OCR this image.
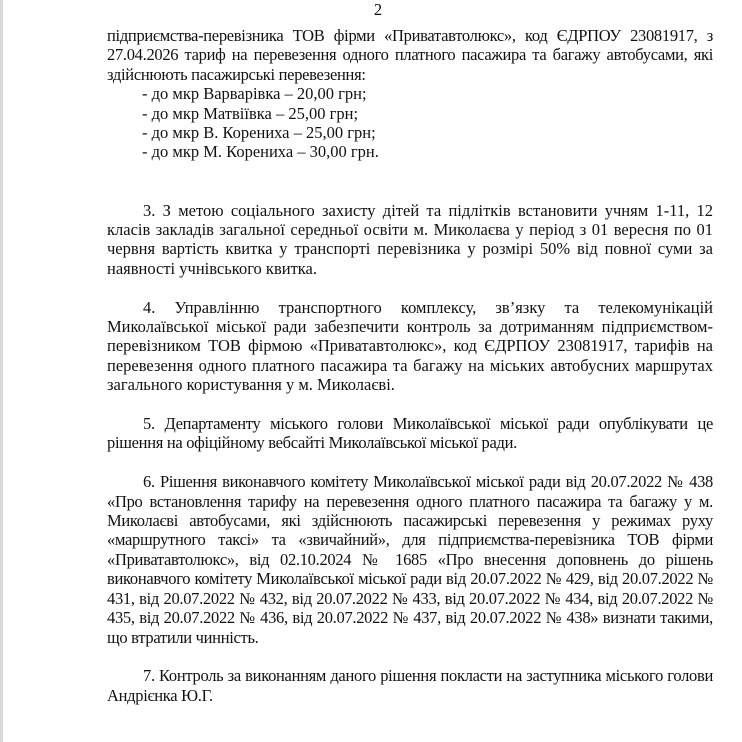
2

підприємства-перевізника ТОВ фірми «Приватавтолюкс», код ЄДРПОУ 23081917, з 27.04.2026 тариф на перевезення одного платного пасажира та багажу автобусами, які здійснюють пасажирські перевезення:

- до мкр Варварівка – 20,00 грн;
- до мкр Матвіївка – 25,00 грн;
- до мкр В. Корениха – 25,00 грн;
- до мкр М. Корениха – 30,00 грн.

3. З метою соціального захисту дітей та підлітків встановити учням 1-11, 12 класів закладів загальної середньої освіти м. Миколаєва у період з 01 вересня по 01 червня вартість квитка у транспорті перевізника у розмірі 50% від повної суми за наявності учнівського квитка.

4. Управлінню транспортного комплексу, зв’язку та телекомунікацій Миколаївської міської ради забезпечити контроль за дотриманням підприємством-перевізником ТОВ фірмою «Приватавтолюкс», код ЄДРПОУ 23081917, тарифів на перевезення одного платного пасажира та багажу на міських автобусних маршрутах загального користування у м. Миколаєві.

5. Департаменту міського голови Миколаївської міської ради опублікувати це рішення на офіційному вебсайті Миколаївської міської ради.

6. Рішення виконавчого комітету Миколаївської міської ради від 20.07.2022 № 438 «Про встановлення тарифу на перевезення одного платного пасажира та багажу у м. Миколаєві автобусами, які здійснюють пасажирські перевезення у режимах руху «маршрутного таксі» та «звичайний», для підприємства-перевізника ТОВ фірми «Приватавтолюкс», від 02.10.2024 № 1685 «Про внесення доповнень до рішень виконавчого комітету Миколаївської міської ради від 20.07.2022 № 429, від 20.07.2022 № 431, від 20.07.2022 № 432, від 20.07.2022 № 433, від 20.07.2022 № 434, від 20.07.2022 № 435, від 20.07.2022 № 436, від 20.07.2022 № 437, від 20.07.2022 № 438» визнати такими, що втратили чинність.

7. Контроль за виконанням даного рішення покласти на заступника міського голови Андрієнка Ю.Г.
